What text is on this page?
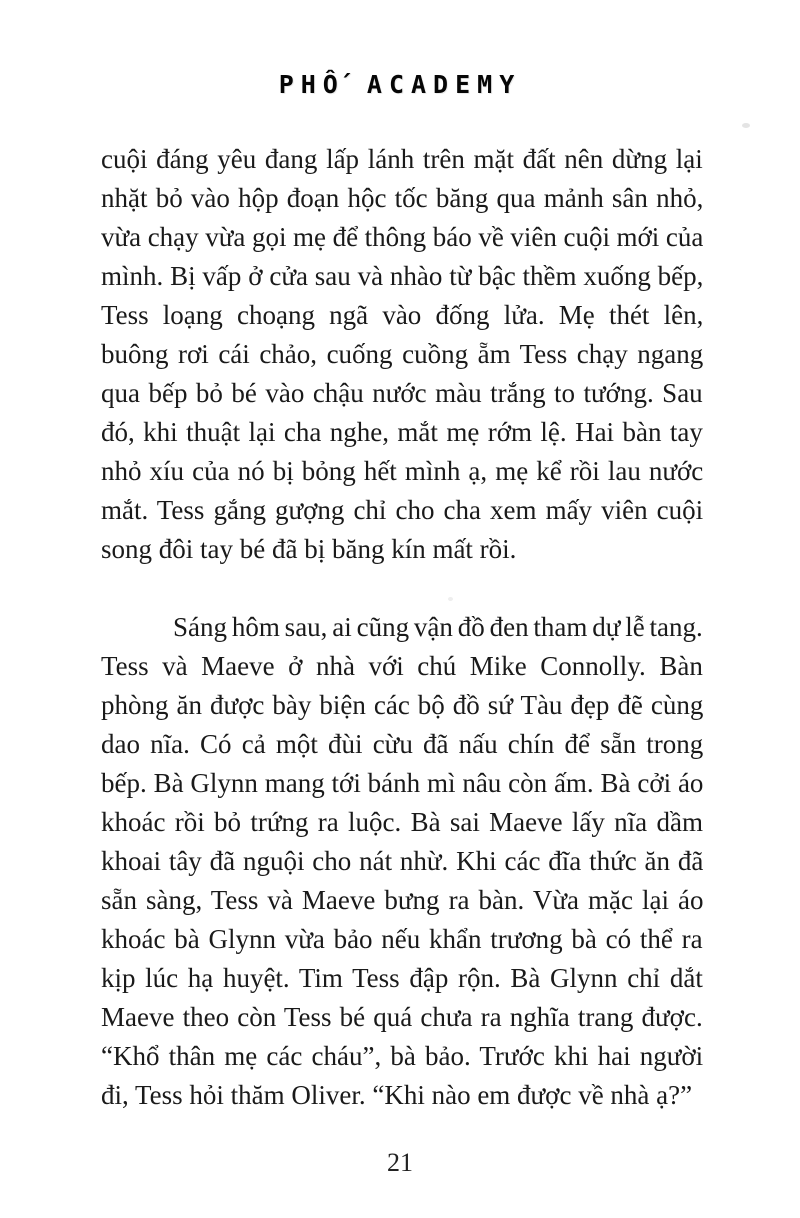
PHỐ ACADEMY
cuội đáng yêu đang lấp lánh trên mặt đất nên dừng lại
nhặt bỏ vào hộp đoạn hộc tốc băng qua mảnh sân nhỏ,
vừa chạy vừa gọi mẹ để thông báo về viên cuội mới của
mình. Bị vấp ở cửa sau và nhào từ bậc thềm xuống bếp,
Tess loạng choạng ngã vào đống lửa. Mẹ thét lên,
buông rơi cái chảo, cuống cuồng ẵm Tess chạy ngang
qua bếp bỏ bé vào chậu nước màu trắng to tướng. Sau
đó, khi thuật lại cha nghe, mắt mẹ rớm lệ. Hai bàn tay
nhỏ xíu của nó bị bỏng hết mình ạ, mẹ kể rồi lau nước
mắt. Tess gắng gượng chỉ cho cha xem mấy viên cuội
song đôi tay bé đã bị băng kín mất rồi.
Sáng hôm sau, ai cũng vận đồ đen tham dự lễ tang.
Tess và Maeve ở nhà với chú Mike Connolly. Bàn
phòng ăn được bày biện các bộ đồ sứ Tàu đẹp đẽ cùng
dao nĩa. Có cả một đùi cừu đã nấu chín để sẵn trong
bếp. Bà Glynn mang tới bánh mì nâu còn ấm. Bà cởi áo
khoác rồi bỏ trứng ra luộc. Bà sai Maeve lấy nĩa dầm
khoai tây đã nguội cho nát nhừ. Khi các đĩa thức ăn đã
sẵn sàng, Tess và Maeve bưng ra bàn. Vừa mặc lại áo
khoác bà Glynn vừa bảo nếu khẩn trương bà có thể ra
kịp lúc hạ huyệt. Tim Tess đập rộn. Bà Glynn chỉ dắt
Maeve theo còn Tess bé quá chưa ra nghĩa trang được.
“Khổ thân mẹ các cháu”, bà bảo. Trước khi hai người
đi, Tess hỏi thăm Oliver. “Khi nào em được về nhà ạ?”
21
